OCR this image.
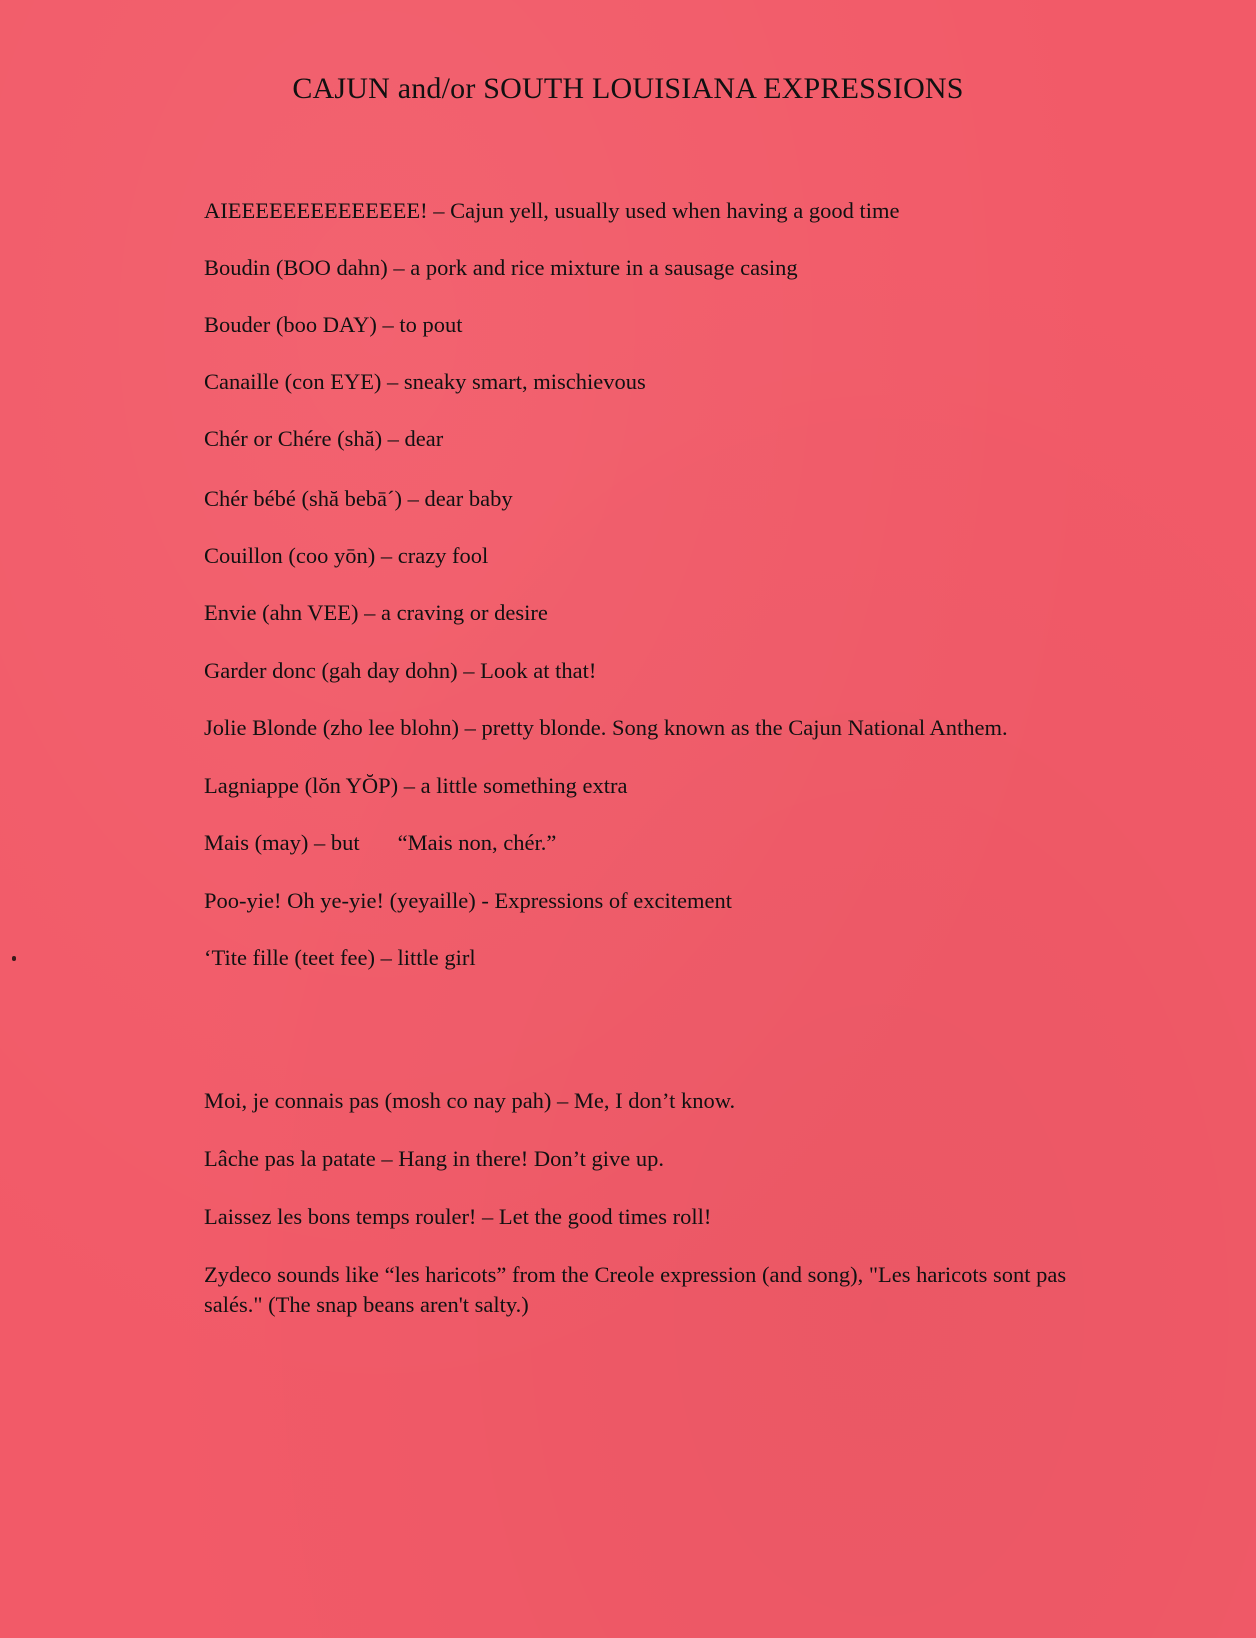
CAJUN and/or SOUTH LOUISIANA EXPRESSIONS
AIEEEEEEEEEEEEEE! – Cajun yell, usually used when having a good time
Boudin (BOO dahn) – a pork and rice mixture in a sausage casing
Bouder (boo DAY) – to pout
Canaille (con EYE) – sneaky smart, mischievous
Chér or Chére (shă) – dear
Chér bébé (shă bebā´) – dear baby
Couillon (coo yōn) – crazy fool
Envie (ahn VEE) – a craving or desire
Garder donc (gah day dohn) – Look at that!
Jolie Blonde (zho lee blohn) – pretty blonde. Song known as the Cajun National Anthem.
Lagniappe (lŏn YŎP) – a little something extra
Mais (may) – but “Mais non, chér.”
Poo-yie! Oh ye-yie! (yeyaille) - Expressions of excitement
‘Tite fille (teet fee) – little girl
Moi, je connais pas (mosh co nay pah) – Me, I don’t know.
Lâche pas la patate – Hang in there! Don’t give up.
Laissez les bons temps rouler! – Let the good times roll!
Zydeco sounds like “les haricots” from the Creole expression (and song), "Les haricots sont pas salés." (The snap beans aren't salty.)
